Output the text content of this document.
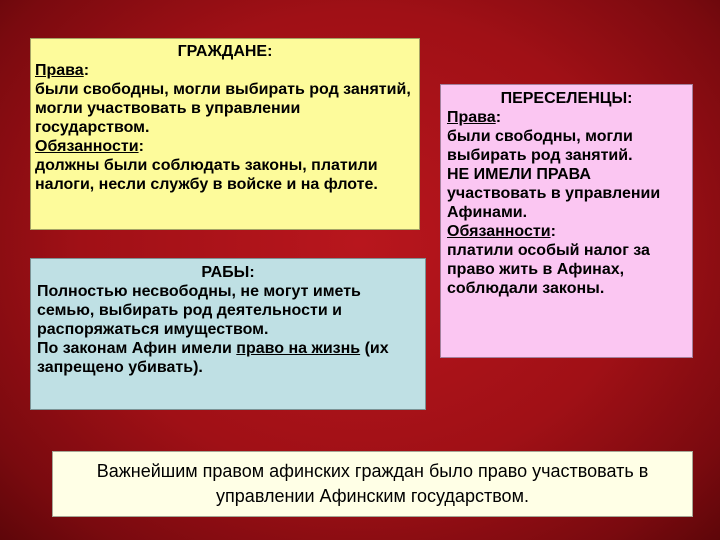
ГРАЖДАНЕ:
Права:
были свободны, могли выбирать род занятий, могли участвовать в управлении государством.
Обязанности:
должны были соблюдать законы, платили налоги, несли службу в войске и на флоте.
РАБЫ:
Полностью несвободны, не могут иметь семью, выбирать род деятельности и распоряжаться имуществом.
По законам Афин имели право на жизнь (их запрещено убивать).
ПЕРЕСЕЛЕНЦЫ:
Права:
были свободны, могли выбирать род занятий.
НЕ ИМЕЛИ ПРАВА
участвовать в управлении Афинами.
Обязанности:
платили особый налог за право жить в Афинах, соблюдали законы.
Важнейшим правом афинских граждан было право участвовать в управлении Афинским государством.
